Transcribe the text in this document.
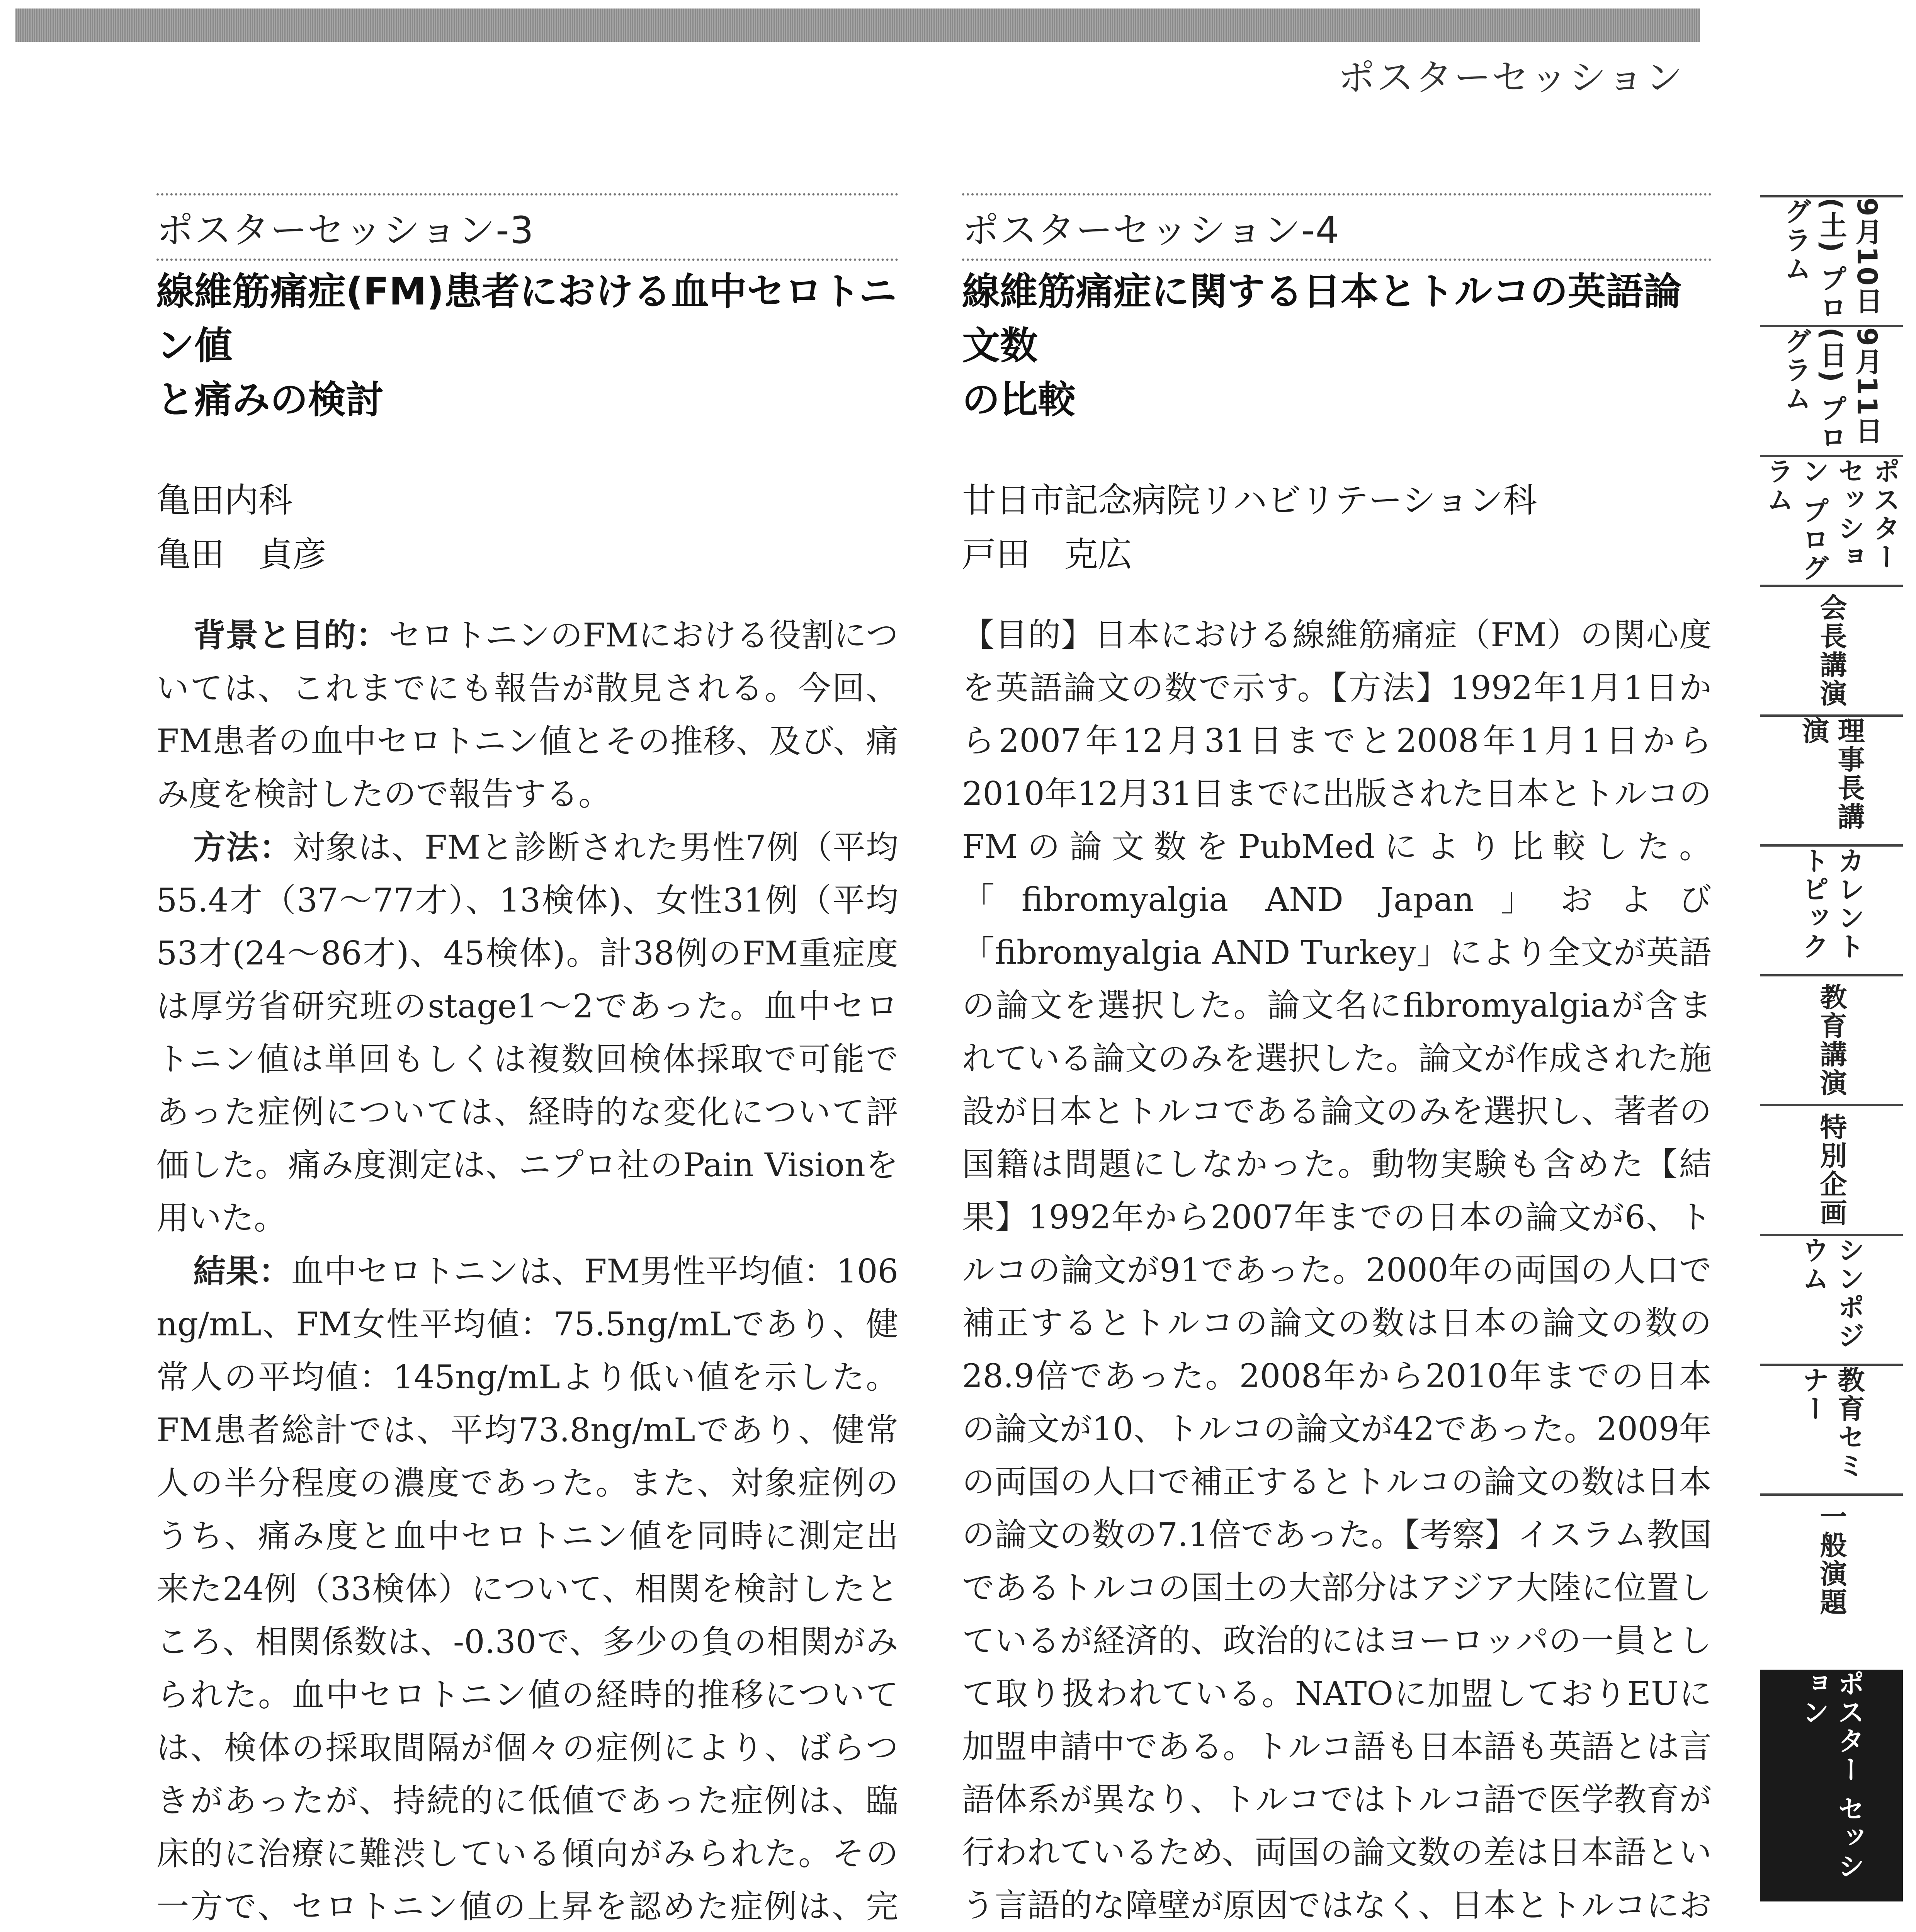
ポスターセッション
ポスターセッション-3
線維筋痛症(FM)患者における血中セロトニン値
と痛みの検討
亀田内科
亀田　貞彦

背景と目的：セロトニンのFMにおける役割については、これまでにも報告が散見される。今回、FM患者の血中セロトニン値とその推移、及び、痛み度を検討したので報告する。

方法：対象は、FMと診断された男性7例（平均55.4才（37〜77才）、13検体)、女性31例（平均53才(24〜86才)、45検体)。計38例のFM重症度は厚労省研究班のstage1〜2であった。血中セロトニン値は単回もしくは複数回検体採取で可能であった症例については、経時的な変化について評価した。痛み度測定は、ニプロ社のPain Visionを用いた。

結果：血中セロトニンは、FM男性平均値：106 ng/mL、FM女性平均値：75.5ng/mLであり、健常人の平均値：145ng/mLより低い値を示した。FM患者総計では、平均73.8ng/mLであり、健常人の半分程度の濃度であった。また、対象症例のうち、痛み度と血中セロトニン値を同時に測定出来た24例（33検体）について、相関を検討したところ、相関係数は、-0.30で、多少の負の相関がみられた。血中セロトニン値の経時的推移については、検体の採取間隔が個々の症例により、ばらつきがあったが、持続的に低値であった症例は、臨床的に治療に難渋している傾向がみられた。その一方で、セロトニン値の上昇を認めた症例は、完

ポスターセッション-4
線維筋痛症に関する日本とトルコの英語論文数
の比較
廿日市記念病院リハビリテーション科
戸田　克広

【目的】日本における線維筋痛症（FM）の関心度を英語論文の数で示す。【方法】1992年1月1日から2007年12月31日までと2008年1月1日から2010年12月31日までに出版された日本とトルコのFMの論文数をPubMedにより比較した。「fibromyalgia AND Japan」および「fibromyalgia AND Turkey」により全文が英語の論文を選択した。論文名にfibromyalgiaが含まれている論文のみを選択した。論文が作成された施設が日本とトルコである論文のみを選択し、著者の国籍は問題にしなかった。動物実験も含めた【結果】1992年から2007年までの日本の論文が6、トルコの論文が91であった。2000年の両国の人口で補正するとトルコの論文の数は日本の論文の数の28.9倍であった。2008年から2010年までの日本の論文が10、トルコの論文が42であった。2009年の両国の人口で補正するとトルコの論文の数は日本の論文の数の7.1倍であった。【考察】イスラム教国であるトルコの国土の大部分はアジア大陸に位置しているが経済的、政治的にはヨーロッパの一員として取り扱われている。NATOに加盟しておりEUに加盟申請中である。トルコ語も日本語も英語とは言語体系が異なり、トルコではトルコ語で医学教育が行われているため、両国の論文数の差は日本語という言語的な障壁が原因ではなく、日本とトルコにお

9月10日(土) プログラム
9月11日(日) プログラム
ポスターセッション プログラム
会長講演
理事長講演
カレントトピック
教育講演
特別企画
シンポジウム
教育セミナー
一般演題
ポスター セッション
